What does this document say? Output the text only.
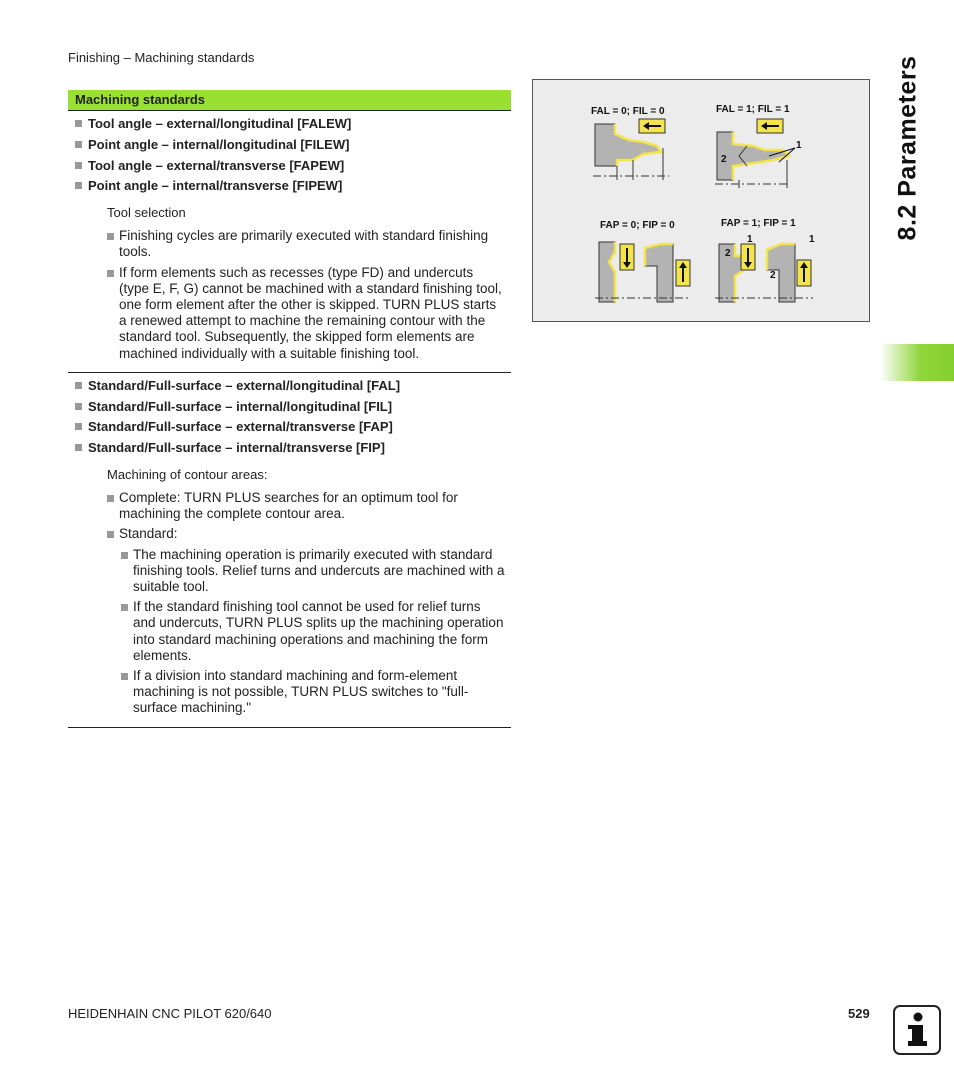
Finishing – Machining standards	8.2 Parameters
Machining standards
Tool angle – external/longitudinal [FALEW]
Point angle – internal/longitudinal [FILEW]
Tool angle – external/transverse [FAPEW]
Point angle – internal/transverse [FIPEW]
Tool selection
Finishing cycles are primarily executed with standard finishing tools.
If form elements such as recesses (type FD) and undercuts (type E, F, G) cannot be machined with a standard finishing tool, one form element after the other is skipped. TURN PLUS starts a renewed attempt to machine the remaining contour with the standard tool. Subsequently, the skipped form elements are machined individually with a suitable finishing tool.
Standard/Full-surface – external/longitudinal [FAL]
Standard/Full-surface – internal/longitudinal [FIL]
Standard/Full-surface – external/transverse [FAP]
Standard/Full-surface – internal/transverse [FIP]
Machining of contour areas:
Complete: TURN PLUS searches for an optimum tool for machining the complete contour area.
Standard:
The machining operation is primarily executed with standard finishing tools. Relief turns and undercuts are machined with a suitable tool.
If the standard finishing tool cannot be used for relief turns and undercuts, TURN PLUS splits up the machining operation into standard machining operations and machining the form elements.
If a division into standard machining and form-element machining is not possible, TURN PLUS switches to "full-surface machining."
FAL = 0; FIL = 0	FAL = 1; FIL = 1
2
1
FAP = 0; FIP = 0	FAP = 1; FIP = 1
2
1	1
2
HEIDENHAIN CNC PILOT 620/640	529
